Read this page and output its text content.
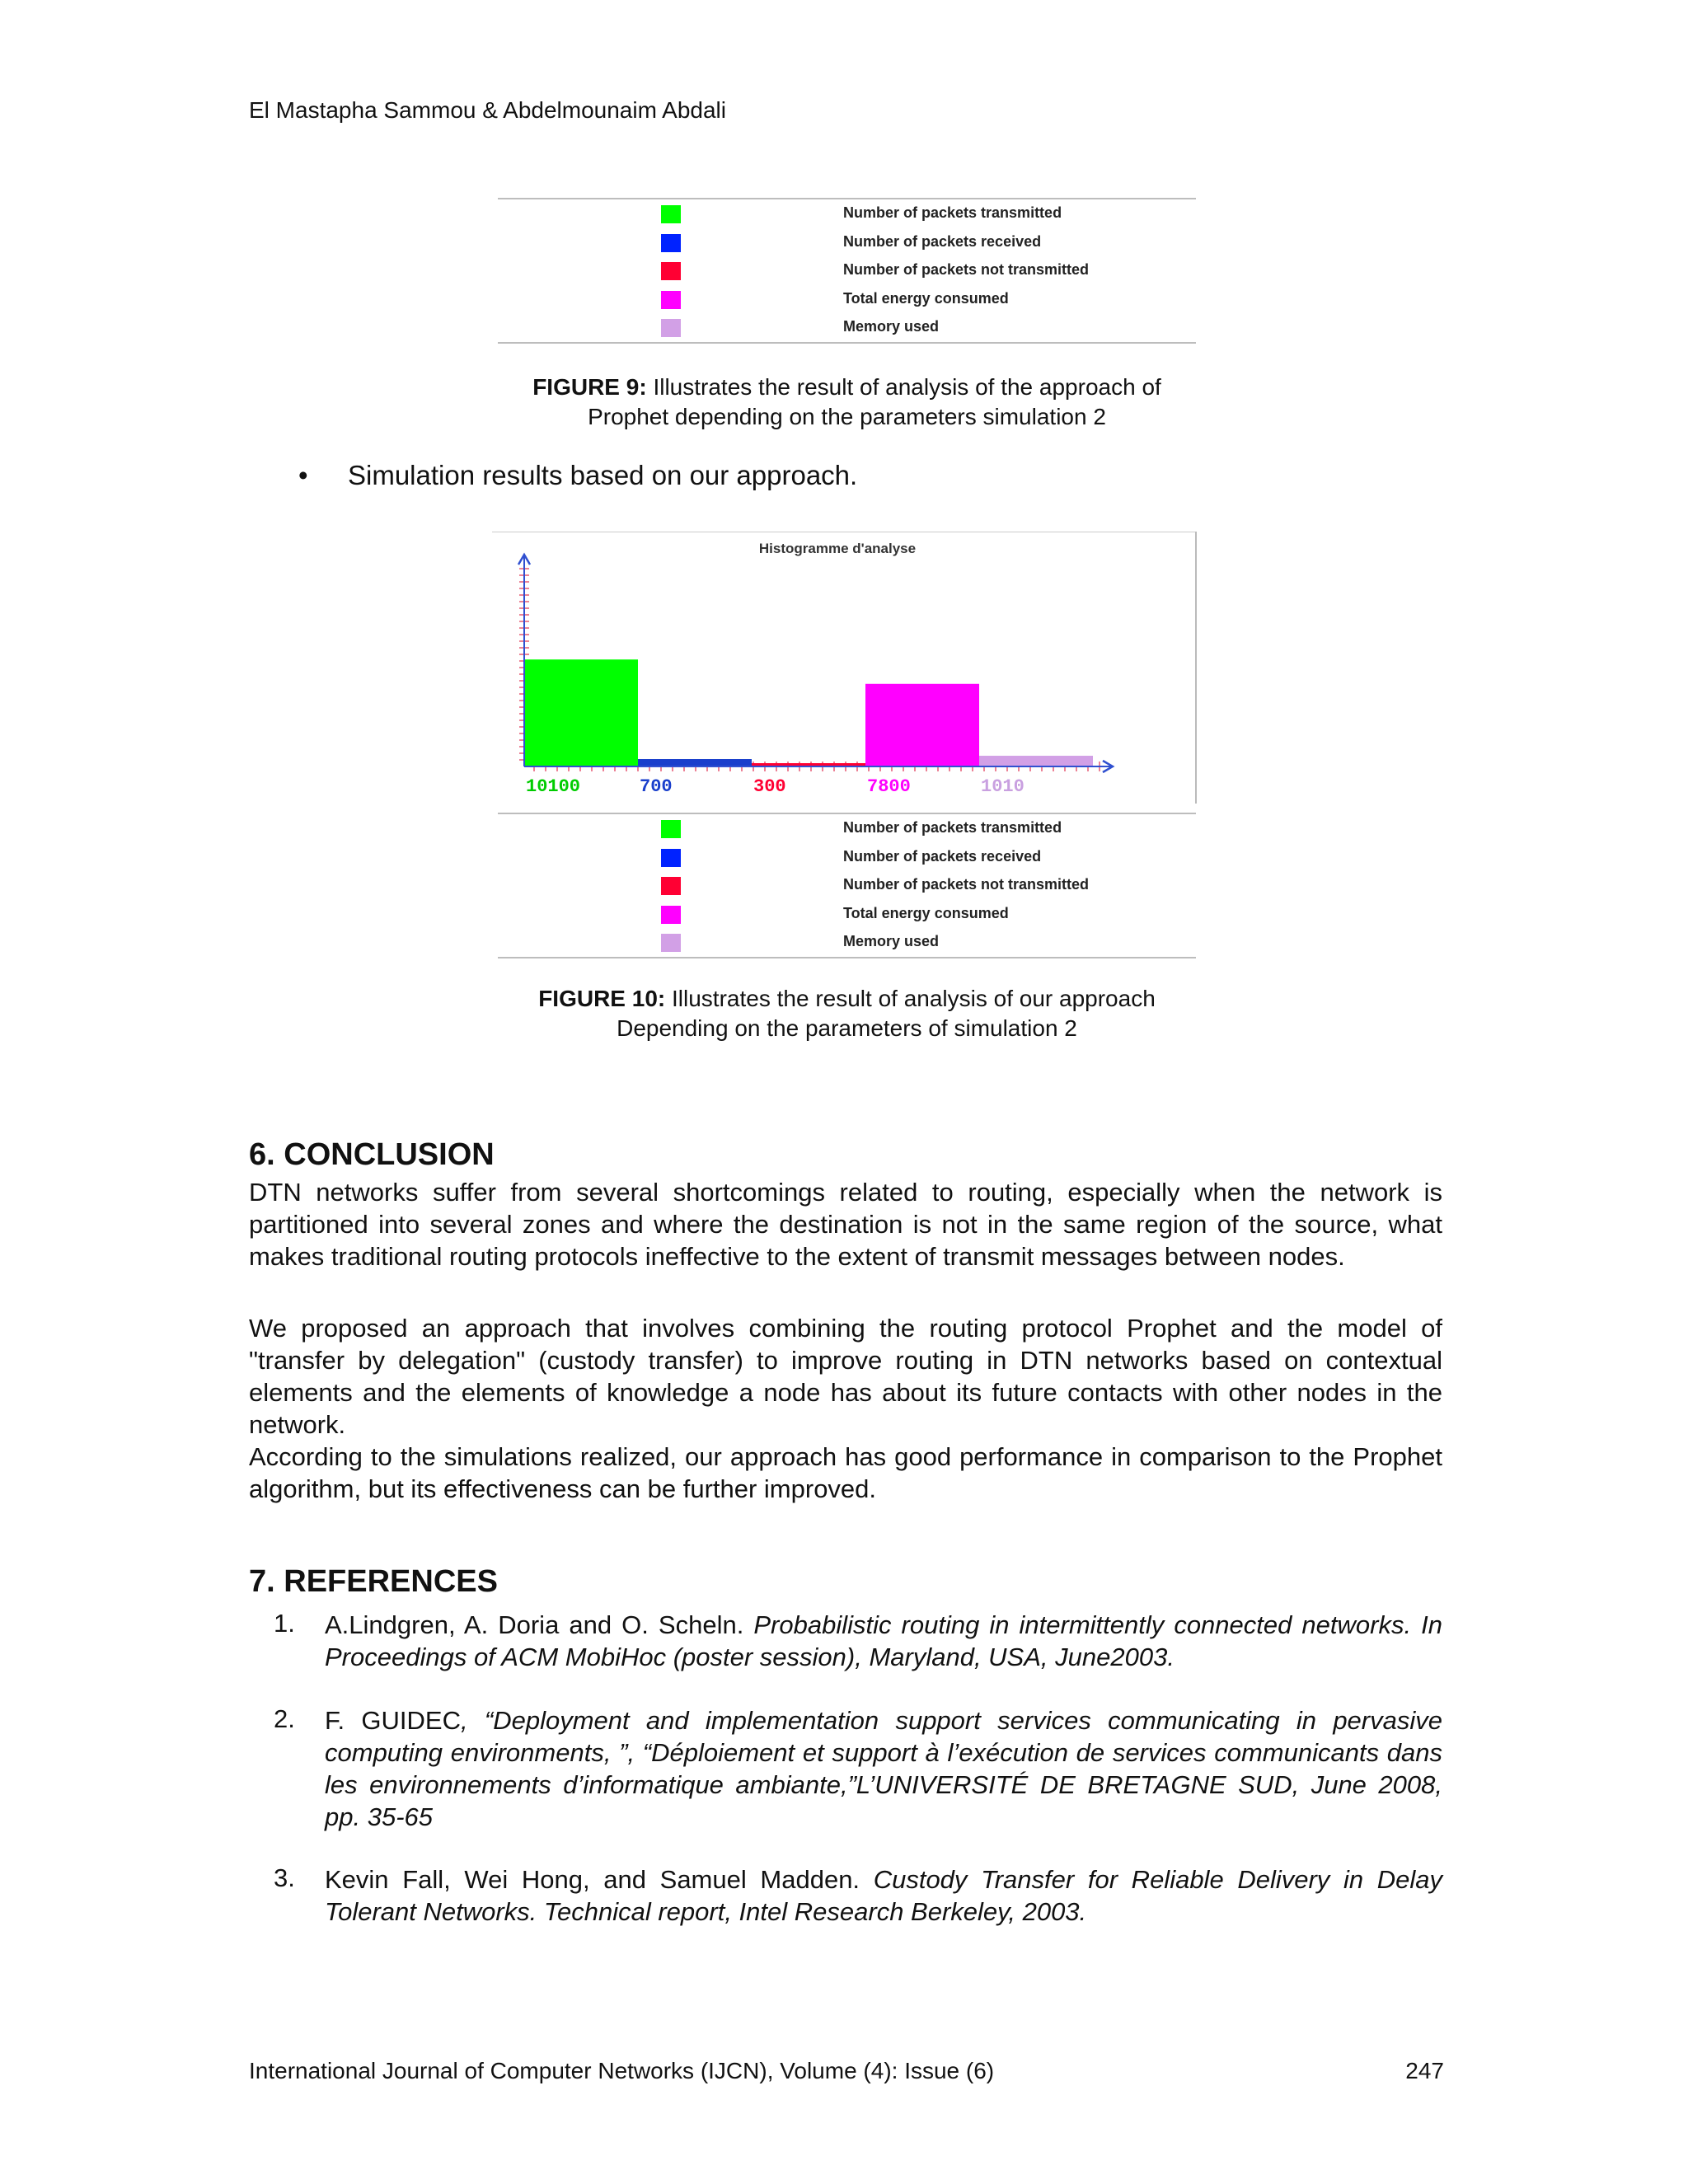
El Mastapha Sammou & Abdelmounaim Abdali
Number of packets transmitted
Number of packets received
Number of packets not transmitted
Total energy consumed
Memory used
FIGURE 9: Illustrates the result of analysis of the approach of
Prophet depending on the parameters simulation 2
• Simulation results based on our approach.
Histogramme d'analyse
10100	700	300	7800	1010
Number of packets transmitted
Number of packets received
Number of packets not transmitted
Total energy consumed
Memory used
FIGURE 10: Illustrates the result of analysis of our approach
Depending on the parameters of simulation 2
6. CONCLUSION
DTN networks suffer from several shortcomings related to routing, especially when the network is partitioned into several zones and where the destination is not in the same region of the source, what makes traditional routing protocols ineffective to the extent of transmit messages between nodes.
We proposed an approach that involves combining the routing protocol Prophet and the model of "transfer by delegation" (custody transfer) to improve routing in DTN networks based on contextual elements and the elements of knowledge a node has about its future contacts with other nodes in the network.
According to the simulations realized, our approach has good performance in comparison to the Prophet algorithm, but its effectiveness can be further improved.
7. REFERENCES
1. A.Lindgren, A. Doria and O. Scheln. Probabilistic routing in intermittently connected networks. In Proceedings of ACM MobiHoc (poster session), Maryland, USA, June2003.
2. F. GUIDEC, “Deployment and implementation support services communicating in pervasive computing environments, ”, “Déploiement et support à l’exécution de services communicants dans les environnements d’informatique ambiante,”L’UNIVERSITÉ DE BRETAGNE SUD, June 2008, pp. 35-65
3. Kevin Fall, Wei Hong, and Samuel Madden. Custody Transfer for Reliable Delivery in Delay Tolerant Networks. Technical report, Intel Research Berkeley, 2003.
International Journal of Computer Networks (IJCN), Volume (4): Issue (6)	247
